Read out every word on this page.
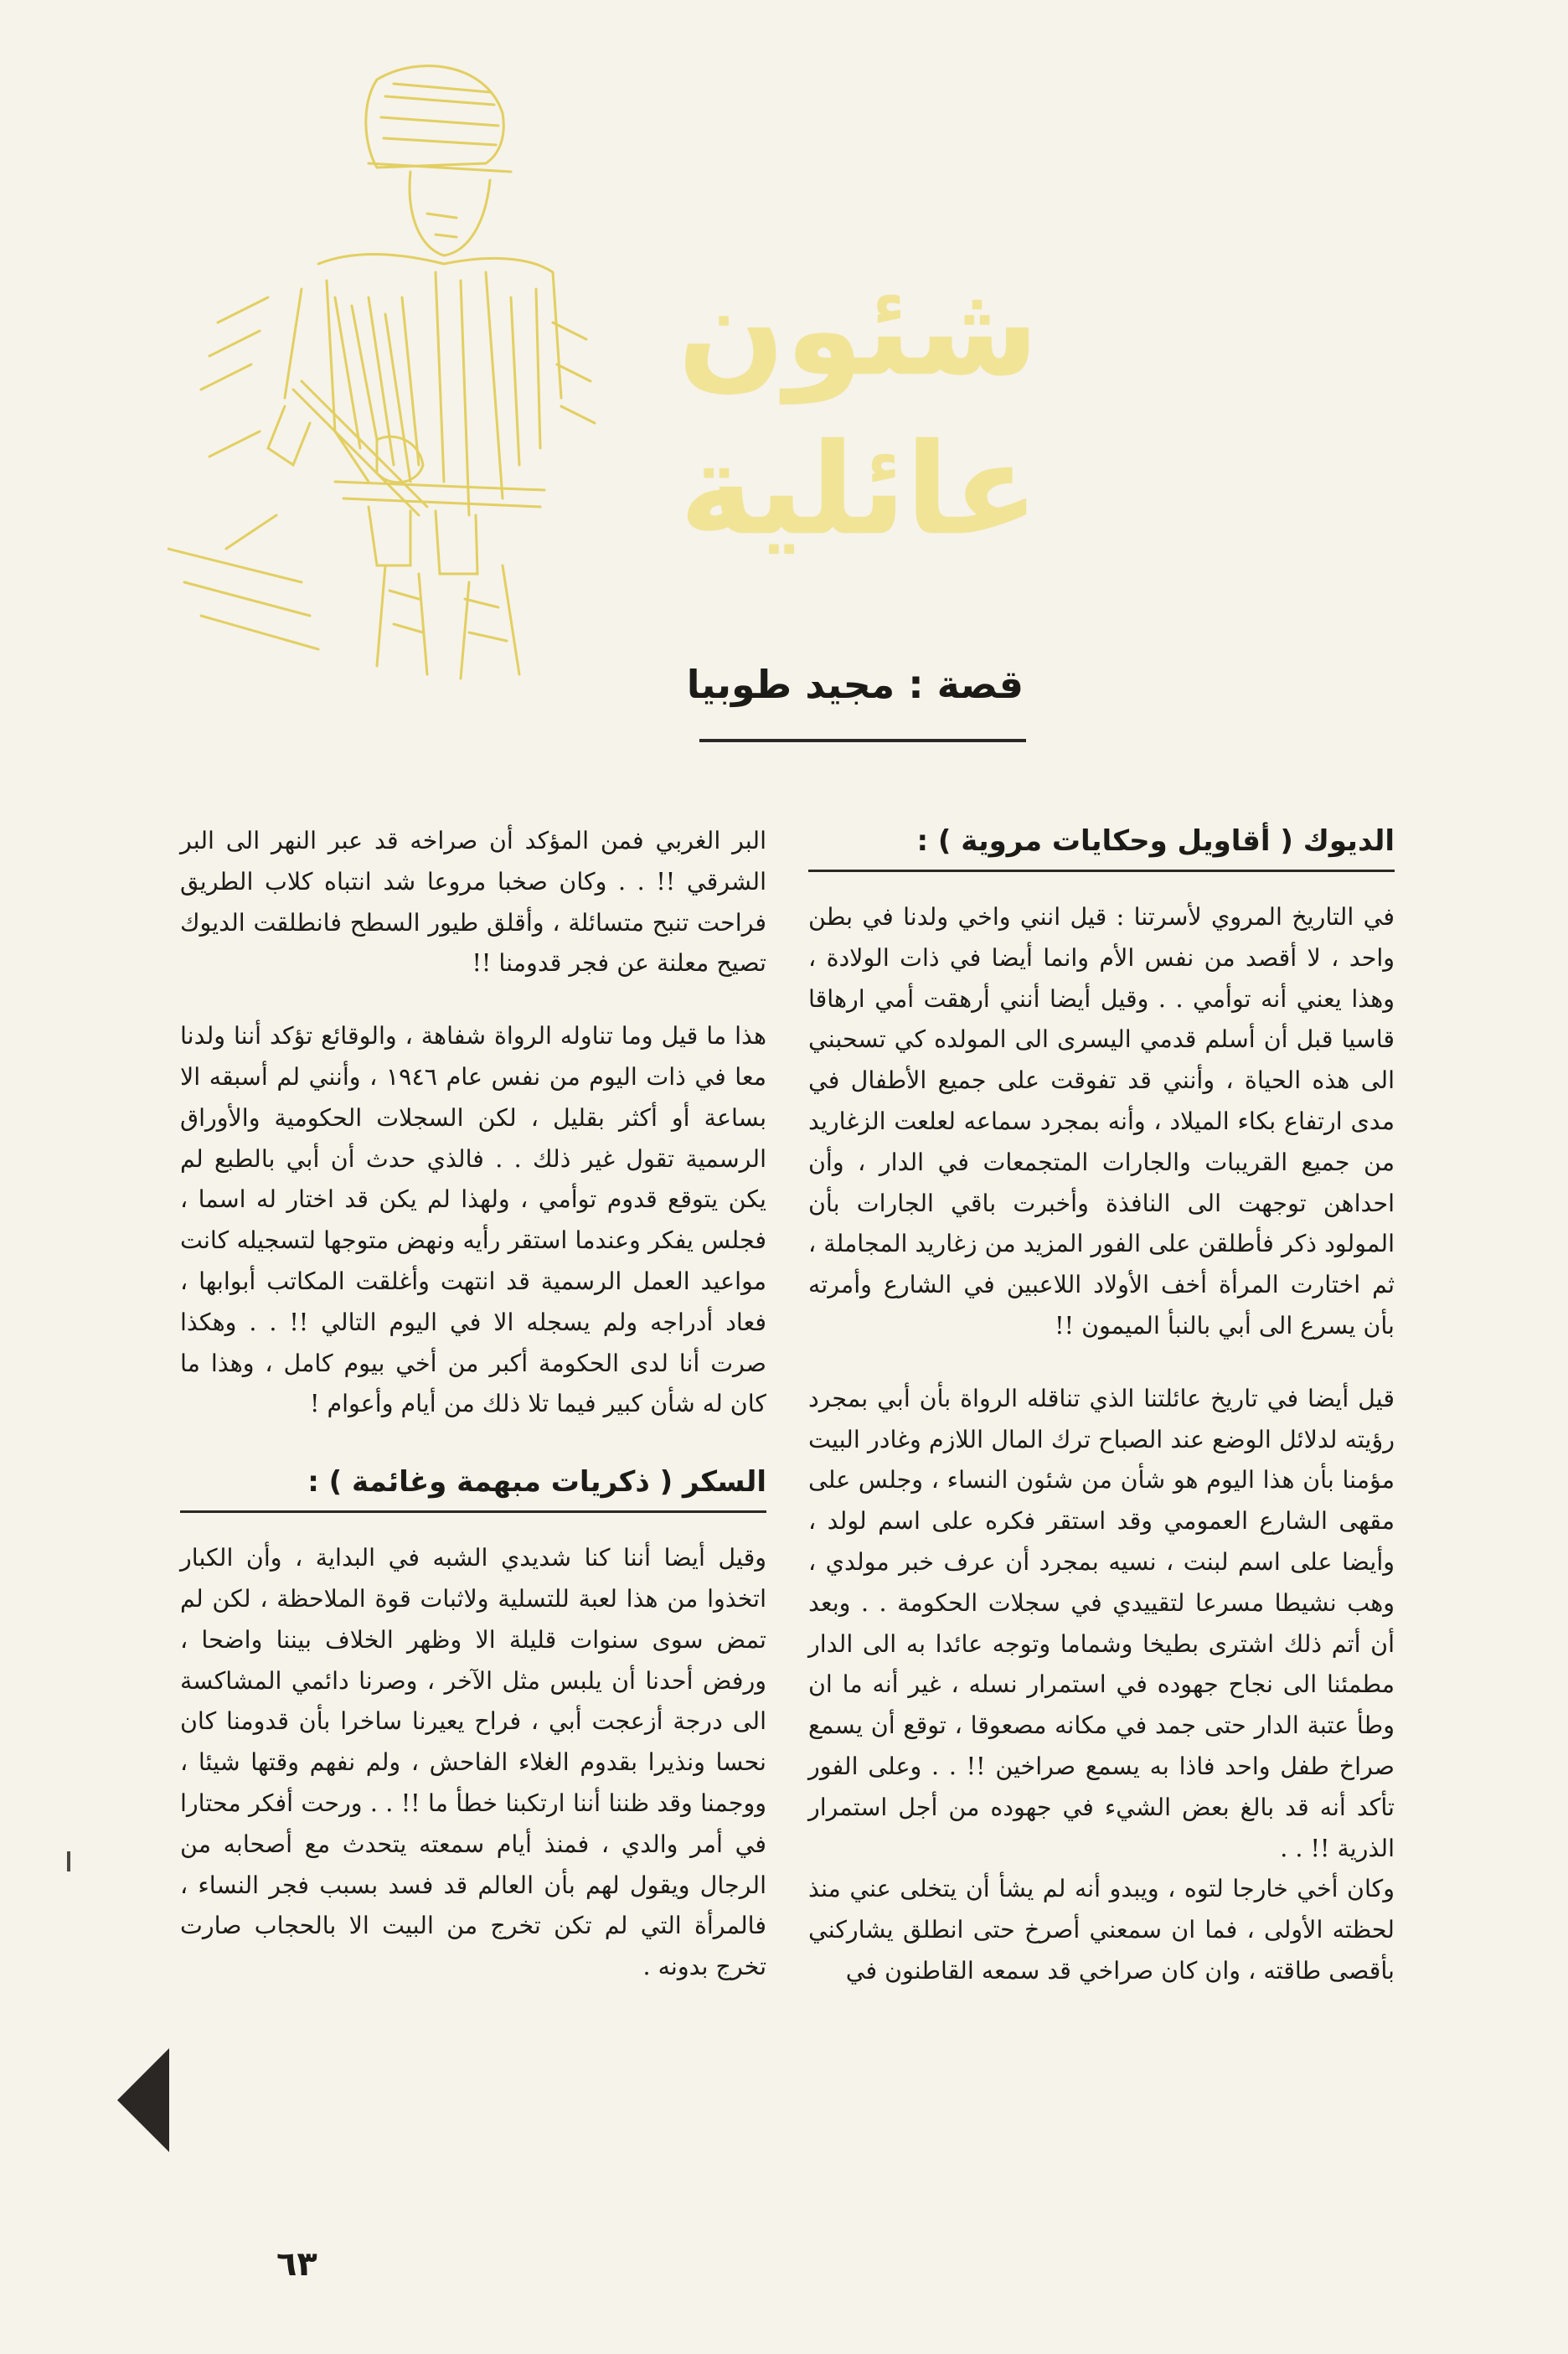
شئون
عائلية
قصة : مجيد طوبيا
الديوك ( أقاويل وحكايات مروية ) :

في التاريخ المروي لأسرتنا : قيل انني واخي ولدنا في بطن واحد ، لا أقصد من نفس الأم وانما أيضا في ذات الولادة ، وهذا يعني أنه توأمي . . وقيل أيضا أنني أرهقت أمي ارهاقا قاسيا قبل أن أسلم قدمي اليسرى الى المولده كي تسحبني الى هذه الحياة ، وأنني قد تفوقت على جميع الأطفال في مدى ارتفاع بكاء الميلاد ، وأنه بمجرد سماعه لعلعت الزغاريد من جميع القريبات والجارات المتجمعات في الدار ، وأن احداهن توجهت الى النافذة وأخبرت باقي الجارات بأن المولود ذكر فأطلقن على الفور المزيد من زغاريد المجاملة ، ثم اختارت المرأة أخف الأولاد اللاعبين في الشارع وأمرته بأن يسرع الى أبي بالنبأ الميمون !!

قيل أيضا في تاريخ عائلتنا الذي تناقله الرواة بأن أبي بمجرد رؤيته لدلائل الوضع عند الصباح ترك المال اللازم وغادر البيت مؤمنا بأن هذا اليوم هو شأن من شئون النساء ، وجلس على مقهى الشارع العمومي وقد استقر فكره على اسم لولد ، وأيضا على اسم لبنت ، نسيه بمجرد أن عرف خبر مولدي ، وهب نشيطا مسرعا لتقييدي في سجلات الحكومة . . وبعد أن أتم ذلك اشترى بطيخا وشماما وتوجه عائدا به الى الدار مطمئنا الى نجاح جهوده في استمرار نسله ، غير أنه ما ان وطأ عتبة الدار حتى جمد في مكانه مصعوقا ، توقع أن يسمع صراخ طفل واحد فاذا به يسمع صراخين !! . . وعلى الفور تأكد أنه قد بالغ بعض الشيء في جهوده من أجل استمرار الذرية !! . .

وكان أخي خارجا لتوه ، ويبدو أنه لم يشأ أن يتخلى عني منذ لحظته الأولى ، فما ان سمعني أصرخ حتى انطلق يشاركني بأقصى طاقته ، وان كان صراخي قد سمعه القاطنون في

البر الغربي فمن المؤكد أن صراخه قد عبر النهر الى البر الشرقي !! . . وكان صخبا مروعا شد انتباه كلاب الطريق فراحت تنبح متسائلة ، وأقلق طيور السطح فانطلقت الديوك تصيح معلنة عن فجر قدومنا !!

هذا ما قيل وما تناوله الرواة شفاهة ، والوقائع تؤكد أننا ولدنا معا في ذات اليوم من نفس عام ١٩٤٦ ، وأنني لم أسبقه الا بساعة أو أكثر بقليل ، لكن السجلات الحكومية والأوراق الرسمية تقول غير ذلك . . فالذي حدث أن أبي بالطبع لم يكن يتوقع قدوم توأمي ، ولهذا لم يكن قد اختار له اسما ، فجلس يفكر وعندما استقر رأيه ونهض متوجها لتسجيله كانت مواعيد العمل الرسمية قد انتهت وأغلقت المكاتب أبوابها ، فعاد أدراجه ولم يسجله الا في اليوم التالي !! . . وهكذا صرت أنا لدى الحكومة أكبر من أخي بيوم كامل ، وهذا ما كان له شأن كبير فيما تلا ذلك من أيام وأعوام !

السكر ( ذكريات مبهمة وغائمة ) :

وقيل أيضا أننا كنا شديدي الشبه في البداية ، وأن الكبار اتخذوا من هذا لعبة للتسلية ولاثبات قوة الملاحظة ، لكن لم تمض سوى سنوات قليلة الا وظهر الخلاف بيننا واضحا ، ورفض أحدنا أن يلبس مثل الآخر ، وصرنا دائمي المشاكسة الى درجة أزعجت أبي ، فراح يعيرنا ساخرا بأن قدومنا كان نحسا ونذيرا بقدوم الغلاء الفاحش ، ولم نفهم وقتها شيئا ، ووجمنا وقد ظننا أننا ارتكبنا خطأ ما !! . . ورحت أفكر محتارا في أمر والدي ، فمنذ أيام سمعته يتحدث مع أصحابه من الرجال ويقول لهم بأن العالم قد فسد بسبب فجر النساء ، فالمرأة التي لم تكن تخرج من البيت الا بالحجاب صارت تخرج بدونه .

٦٣
